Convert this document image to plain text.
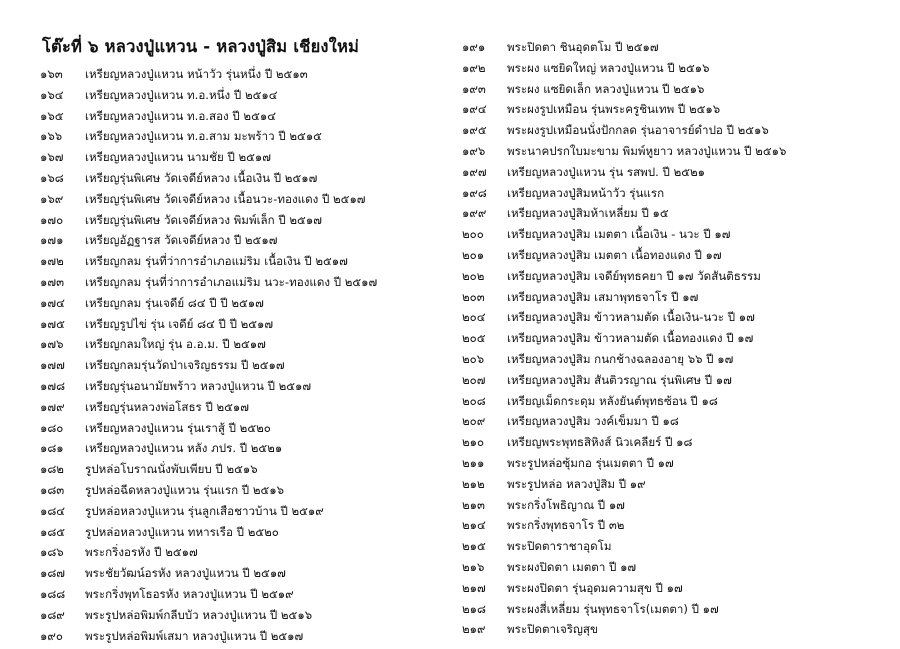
โต๊ะที่ ๖ หลวงปู่แหวน - หลวงปู่สิม เชียงใหม่
๑๖๓	เหรียญหลวงปู่แหวน หน้าวัว รุ่นหนึ่ง ปี ๒๕๑๓
๑๖๔	เหรียญหลวงปู่แหวน ท.อ.หนึ่ง ปี ๒๕๑๔
๑๖๕	เหรียญหลวงปู่แหวน ท.อ.สอง ปี ๒๕๑๔
๑๖๖	เหรียญหลวงปู่แหวน ท.อ.สาม มะพร้าว ปี ๒๕๑๕
๑๖๗	เหรียญหลวงปู่แหวน นามชัย ปี ๒๕๑๗
๑๖๘	เหรียญรุ่นพิเศษ วัดเจดีย์หลวง เนื้อเงิน ปี ๒๕๑๗
๑๖๙	เหรียญรุ่นพิเศษ วัดเจดีย์หลวง เนื้อนวะ-ทองแดง ปี ๒๕๑๗
๑๗๐	เหรียญรุ่นพิเศษ วัดเจดีย์หลวง พิมพ์เล็ก ปี ๒๕๑๗
๑๗๑	เหรียญอัฏฐารส วัดเจดีย์หลวง ปี ๒๕๑๗
๑๗๒	เหรียญกลม รุ่นที่ว่าการอำเภอแม่ริม เนื้อเงิน ปี ๒๕๑๗
๑๗๓	เหรียญกลม รุ่นที่ว่าการอำเภอแม่ริม นวะ-ทองแดง ปี ๒๕๑๗
๑๗๔	เหรียญกลม รุ่นเจดีย์ ๘๔ ปี ปี ๒๕๑๗
๑๗๕	เหรียญรูปไข่ รุ่น เจดีย์ ๘๔ ปี ปี ๒๕๑๗
๑๗๖	เหรียญกลมใหญ่ รุ่น อ.อ.ม. ปี ๒๕๑๗
๑๗๗	เหรียญกลมรุ่นวัดป่าเจริญธรรม ปี ๒๕๑๗
๑๗๘	เหรียญรุ่นอนามัยพร้าว หลวงปู่แหวน ปี ๒๕๑๗
๑๗๙	เหรียญรุ่นหลวงพ่อโสธร ปี ๒๕๑๗
๑๘๐	เหรียญหลวงปู่แหวน รุ่นเราสู้ ปี ๒๕๒๐
๑๘๑	เหรียญหลวงปู่แหวน หลัง ภปร. ปี ๒๕๒๑
๑๘๒	รูปหล่อโบราณนั่งพับเพียบ ปี ๒๕๑๖
๑๘๓	รูปหล่อฉีดหลวงปู่แหวน รุ่นแรก ปี ๒๕๑๖
๑๘๔	รูปหล่อหลวงปู่แหวน รุ่นลูกเสือชาวบ้าน ปี ๒๕๑๙
๑๘๕	รูปหล่อหลวงปู่แหวน ทหารเรือ ปี ๒๕๒๐
๑๘๖	พระกริ่งอรหัง ปี ๒๕๑๗
๑๘๗	พระชัยวัฒน์อรหัง หลวงปู่แหวน ปี ๒๕๑๗
๑๘๘	พระกริ่งพุทโธอรหัง หลวงปู่แหวน ปี ๒๕๑๙
๑๘๙	พระรูปหล่อพิมพ์กลีบบัว หลวงปู่แหวน ปี ๒๕๑๖
๑๙๐	พระรูปหล่อพิมพ์เสมา หลวงปู่แหวน ปี ๒๕๑๗
๑๙๑	พระปิดตา ชินอุดตโม ปี ๒๕๑๗
๑๙๒	พระผง แซยิดใหญ่ หลวงปู่แหวน ปี ๒๕๑๖
๑๙๓	พระผง แซยิดเล็ก หลวงปู่แหวน ปี ๒๕๑๖
๑๙๔	พระผงรูปเหมือน รุ่นพระครูชินเทพ ปี ๒๕๑๖
๑๙๕	พระผงรูปเหมือนนั่งปักกลด รุ่นอาจารย์ดำปอ ปี ๒๕๑๖
๑๙๖	พระนาคปรกใบมะขาม พิมพ์หูยาว หลวงปู่แหวน ปี ๒๕๑๖
๑๙๗	เหรียญหลวงปู่แหวน รุ่น รสพป. ปี ๒๕๒๑
๑๙๘	เหรียญหลวงปู่สิมหน้าวัว รุ่นแรก
๑๙๙	เหรียญหลวงปู่สิมห้าเหลี่ยม ปี ๑๕
๒๐๐	เหรียญหลวงปู่สิม เมตตา เนื้อเงิน - นวะ ปี ๑๗
๒๐๑	เหรียญหลวงปู่สิม เมตตา เนื้อทองแดง ปี ๑๗
๒๐๒	เหรียญหลวงปู่สิม เจดีย์พุทธคยา ปี ๑๗ วัดสันติธรรม
๒๐๓	เหรียญหลวงปู่สิม เสมาพุทธจาโร ปี ๑๗
๒๐๔	เหรียญหลวงปู่สิม ข้าวหลามตัด เนื้อเงิน-นวะ ปี ๑๗
๒๐๕	เหรียญหลวงปู่สิม ข้าวหลามตัด เนื้อทองแดง ปี ๑๗
๒๐๖	เหรียญหลวงปู่สิม กนกช้างฉลองอายุ ๖๖ ปี ๑๗
๒๐๗	เหรียญหลวงปู่สิม สันติวรญาณ รุ่นพิเศษ ปี ๑๗
๒๐๘	เหรียญเม็ดกระดุม หลังยันต์พุทธซ้อน ปี ๑๘
๒๐๙	เหรียญหลวงปู่สิม วงค์เข็มมา ปี ๑๘
๒๑๐	เหรียญพระพุทธสิหิงส์ นิวเคลียร์ ปี ๑๘
๒๑๑	พระรูปหล่อซุ้มกอ รุ่นเมตตา ปี ๑๗
๒๑๒	พระรูปหล่อ หลวงปู่สิม ปี ๑๙
๒๑๓	พระกริ่งโพธิญาณ ปี ๑๗
๒๑๔	พระกริ่งพุทธจาโร ปี ๓๒
๒๑๕	พระปิดตาราชาอุดโม
๒๑๖	พระผงปิดตา เมตตา ปี ๑๗
๒๑๗	พระผงปิดตา รุ่นอุดมความสุข ปี ๑๗
๒๑๘	พระผงสี่เหลี่ยม รุ่นพุทธจาโร(เมตตา) ปี ๑๗
๒๑๙	พระปิดตาเจริญสุข
